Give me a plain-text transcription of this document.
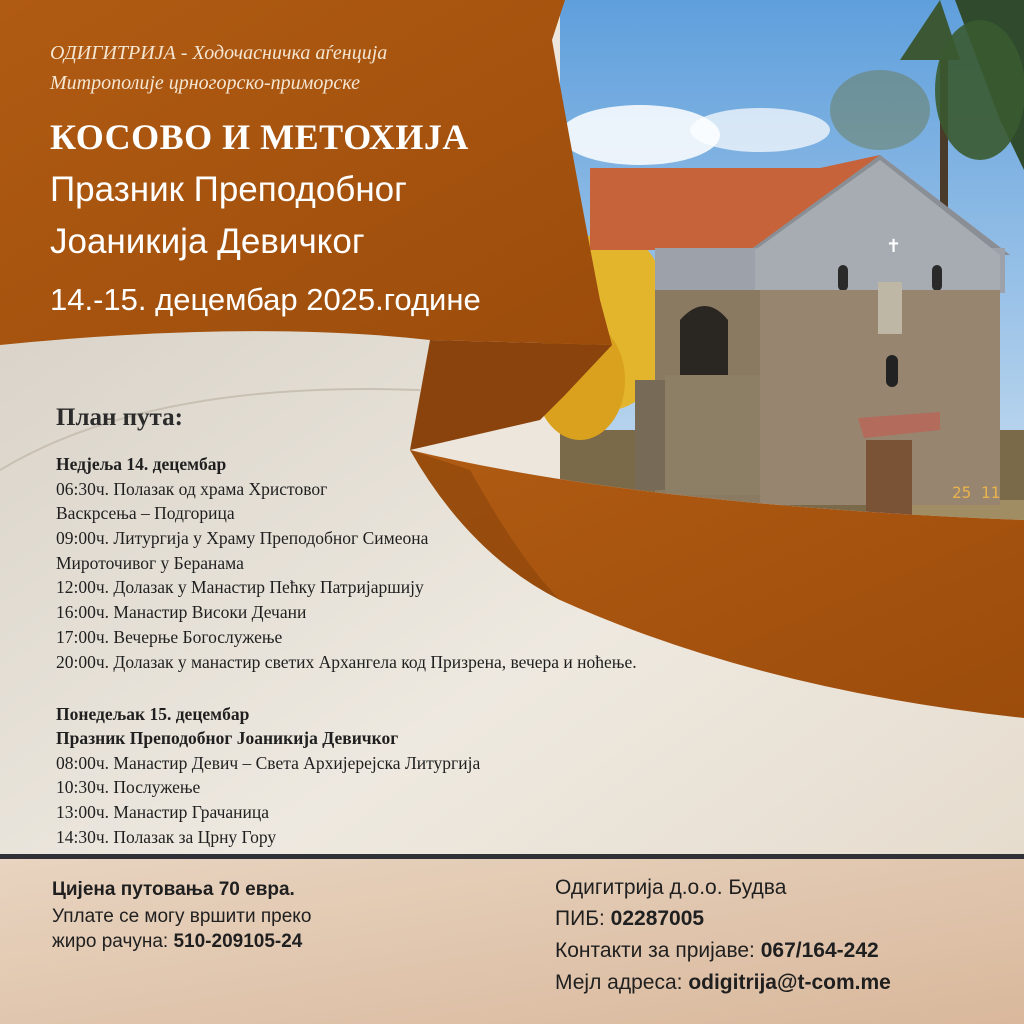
✝
25 11
ОДИГИТРИЈА - Ходочасничка аѓенција
Митрополије црногорско-приморске
КОСОВО И МЕТОХИЈА
Празник Преподобног
Јоаникија Девичког
14.-15. децембар 2025.године
План пута:
Недјеља 14. децембар
06:30ч. Полазак од храма Христовог
Васкрсења – Подгорица
09:00ч. Литургија у Храму Преподобног Симеона
Мироточивог у Беранама
12:00ч. Долазак у Манастир Пећку Патријаршију
16:00ч. Манастир Високи Дечани
17:00ч. Вечерње Богослужење
20:00ч. Долазак у манастир светих Архангела код Призрена, вечера и ноћење.
Понедељак 15. децембар
Празник Преподобног Јоаникија Девичког
08:00ч. Манастир Девич – Света Архијерејска Литургија
10:30ч. Послужење
13:00ч. Манастир Грачаница
14:30ч. Полазак за Црну Гору
Цијена путовања 70 евра.
Уплате се могу вршити преко
жиро рачуна: 510-209105-24
Одигитрија д.о.о. Будва
ПИБ: 02287005
Контакти за пријаве: 067/164-242
Мејл адреса: odigitrija@t-com.me
